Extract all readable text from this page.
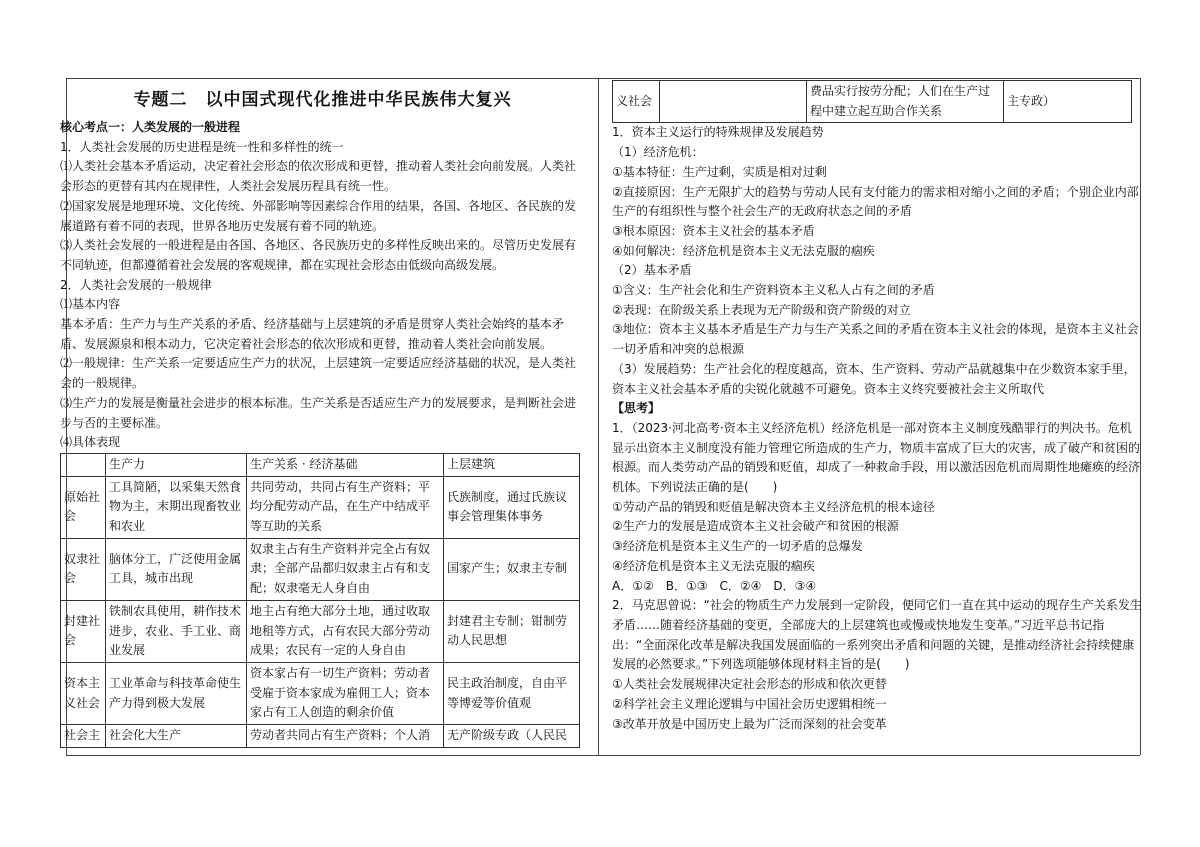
专题二　以中国式现代化推进中华民族伟大复兴

核心考点一：人类发展的一般进程

1．人类社会发展的历史进程是统一性和多样性的统一

⑴人类社会基本矛盾运动，决定着社会形态的依次形成和更替，推动着人类社会向前发展。人类社会形态的更替有其内在规律性，人类社会发展历程具有统一性。

⑵国家发展是地理环境、文化传统、外部影响等因素综合作用的结果，各国、各地区、各民族的发展道路有着不同的表现，世界各地历史发展有着不同的轨迹。

⑶人类社会发展的一般进程是由各国、各地区、各民族历史的多样性反映出来的。尽管历史发展有不同轨迹，但都遵循着社会发展的客观规律，都在实现社会形态由低级向高级发展。

2．人类社会发展的一般规律

⑴基本内容

基本矛盾：生产力与生产关系的矛盾、经济基础与上层建筑的矛盾是贯穿人类社会始终的基本矛盾、发展源泉和根本动力，它决定着社会形态的依次形成和更替，推动着人类社会向前发展。

⑵一般规律：生产关系一定要适应生产力的状况，上层建筑一定要适应经济基础的状况，是人类社会的一般规律。

⑶生产力的发展是衡量社会进步的根本标准。生产关系是否适应生产力的发展要求，是判断社会进步与否的主要标准。

⑷具体表现

	生产力	生产关系 · 经济基础	上层建筑
原始社会	工具简陋，以采集天然食物为主，末期出现畜牧业和农业	共同劳动，共同占有生产资料；平均分配劳动产品，在生产中结成平等互助的关系	氏族制度，通过氏族议事会管理集体事务
奴隶社会	脑体分工，广泛使用金属工具，城市出现	奴隶主占有生产资料并完全占有奴隶；全部产品都归奴隶主占有和支配；奴隶毫无人身自由	国家产生；奴隶主专制
封建社会	铁制农具使用，耕作技术进步，农业、手工业、商业发展	地主占有绝大部分土地，通过收取地租等方式，占有农民大部分劳动成果；农民有一定的人身自由	封建君主专制；钳制劳动人民思想
资本主义社会	工业革命与科技革命使生产力得到极大发展	资本家占有一切生产资料；劳动者受雇于资本家成为雇佣工人；资本家占有工人创造的剩余价值	民主政治制度，自由平等博爱等价值观
社会主	社会化大生产	劳动者共同占有生产资料；个人消	无产阶级专政（人民民
义社会		费品实行按劳分配；人们在生产过程中建立起互助合作关系	主专政）

1．资本主义运行的特殊规律及发展趋势

（1）经济危机：

①基本特征：生产过剩，实质是相对过剩

②直接原因：生产无限扩大的趋势与劳动人民有支付能力的需求相对缩小之间的矛盾；个别企业内部生产的有组织性与整个社会生产的无政府状态之间的矛盾

③根本原因：资本主义社会的基本矛盾

④如何解决：经济危机是资本主义无法克服的痼疾

（2）基本矛盾

①含义：生产社会化和生产资料资本主义私人占有之间的矛盾

②表现：在阶级关系上表现为无产阶级和资产阶级的对立

③地位：资本主义基本矛盾是生产力与生产关系之间的矛盾在资本主义社会的体现，是资本主义社会一切矛盾和冲突的总根源

（3）发展趋势：生产社会化的程度越高，资本、生产资料、劳动产品就越集中在少数资本家手里，资本主义社会基本矛盾的尖锐化就越不可避免。资本主义终究要被社会主义所取代

【思考】

1．（2023·河北高考·资本主义经济危机）经济危机是一部对资本主义制度残酷罪行的判决书。危机显示出资本主义制度没有能力管理它所造成的生产力，物质丰富成了巨大的灾害，成了破产和贫困的根源。而人类劳动产品的销毁和贬值，却成了一种救命手段，用以激活因危机而周期性地瘫痪的经济机体。下列说法正确的是(　　)

①劳动产品的销毁和贬值是解决资本主义经济危机的根本途径

②生产力的发展是造成资本主义社会破产和贫困的根源

③经济危机是资本主义生产的一切矛盾的总爆发

④经济危机是资本主义无法克服的痼疾

A．①②　B．①③　C．②④　D．③④

2．马克思曾说：“社会的物质生产力发展到一定阶段，便同它们一直在其中运动的现存生产关系发生矛盾……随着经济基础的变更，全部庞大的上层建筑也或慢或快地发生变革。”习近平总书记指出：“全面深化改革是解决我国发展面临的一系列突出矛盾和问题的关键，是推动经济社会持续健康发展的必然要求。”下列选项能够体现材料主旨的是(　　)

①人类社会发展规律决定社会形态的形成和依次更替

②科学社会主义理论逻辑与中国社会历史逻辑相统一

③改革开放是中国历史上最为广泛而深刻的社会变革
